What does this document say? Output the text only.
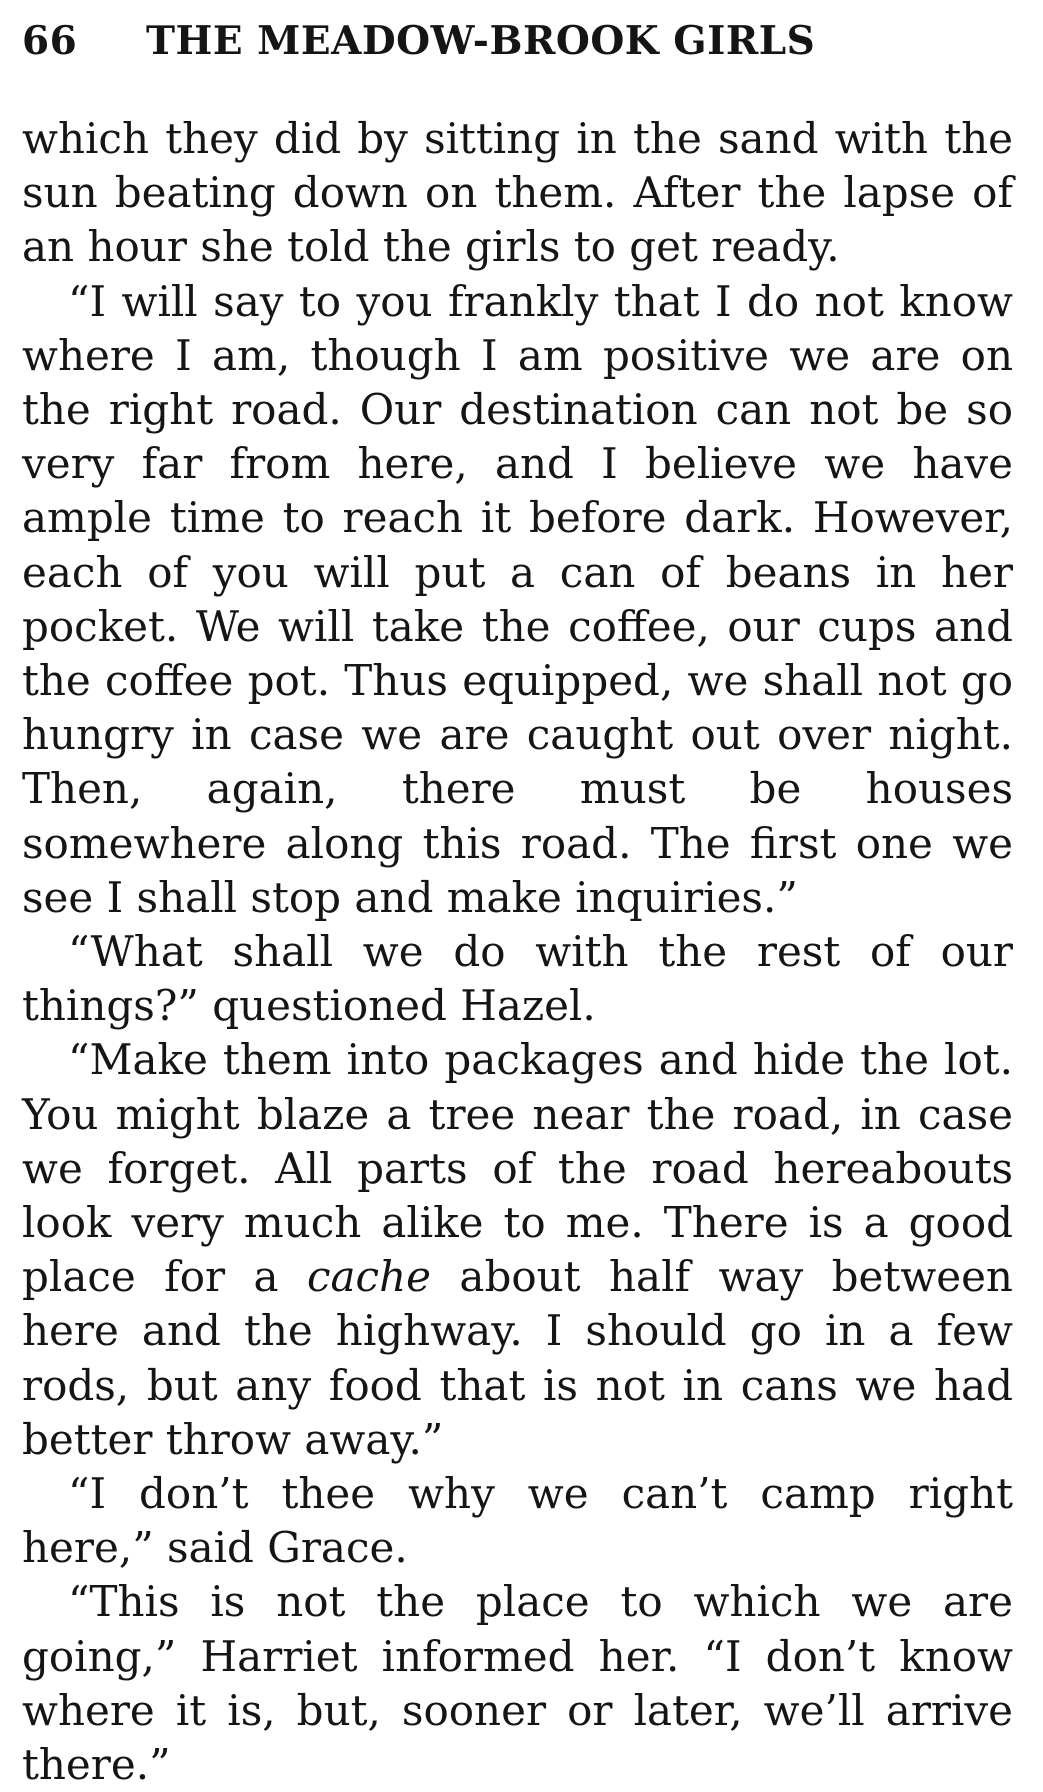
66 THE MEADOW-BROOK GIRLS

which they did by sitting in the sand with the sun beating down on them. After the lapse of an hour she told the girls to get ready.

“I will say to you frankly that I do not know where I am, though I am positive we are on the right road. Our destination can not be so very far from here, and I believe we have ample time to reach it before dark. However, each of you will put a can of beans in her pocket. We will take the coffee, our cups and the coffee pot. Thus equipped, we shall not go hungry in case we are caught out over night. Then, again, there must be houses somewhere along this road. The first one we see I shall stop and make inquiries.”

“What shall we do with the rest of our things?” questioned Hazel.

“Make them into packages and hide the lot. You might blaze a tree near the road, in case we forget. All parts of the road hereabouts look very much alike to me. There is a good place for a cache about half way between here and the highway. I should go in a few rods, but any food that is not in cans we had better throw away.”

“I don’t thee why we can’t camp right here,” said Grace.

“This is not the place to which we are going,” Harriet informed her. “I don’t know where it is, but, sooner or later, we’ll arrive there.”
